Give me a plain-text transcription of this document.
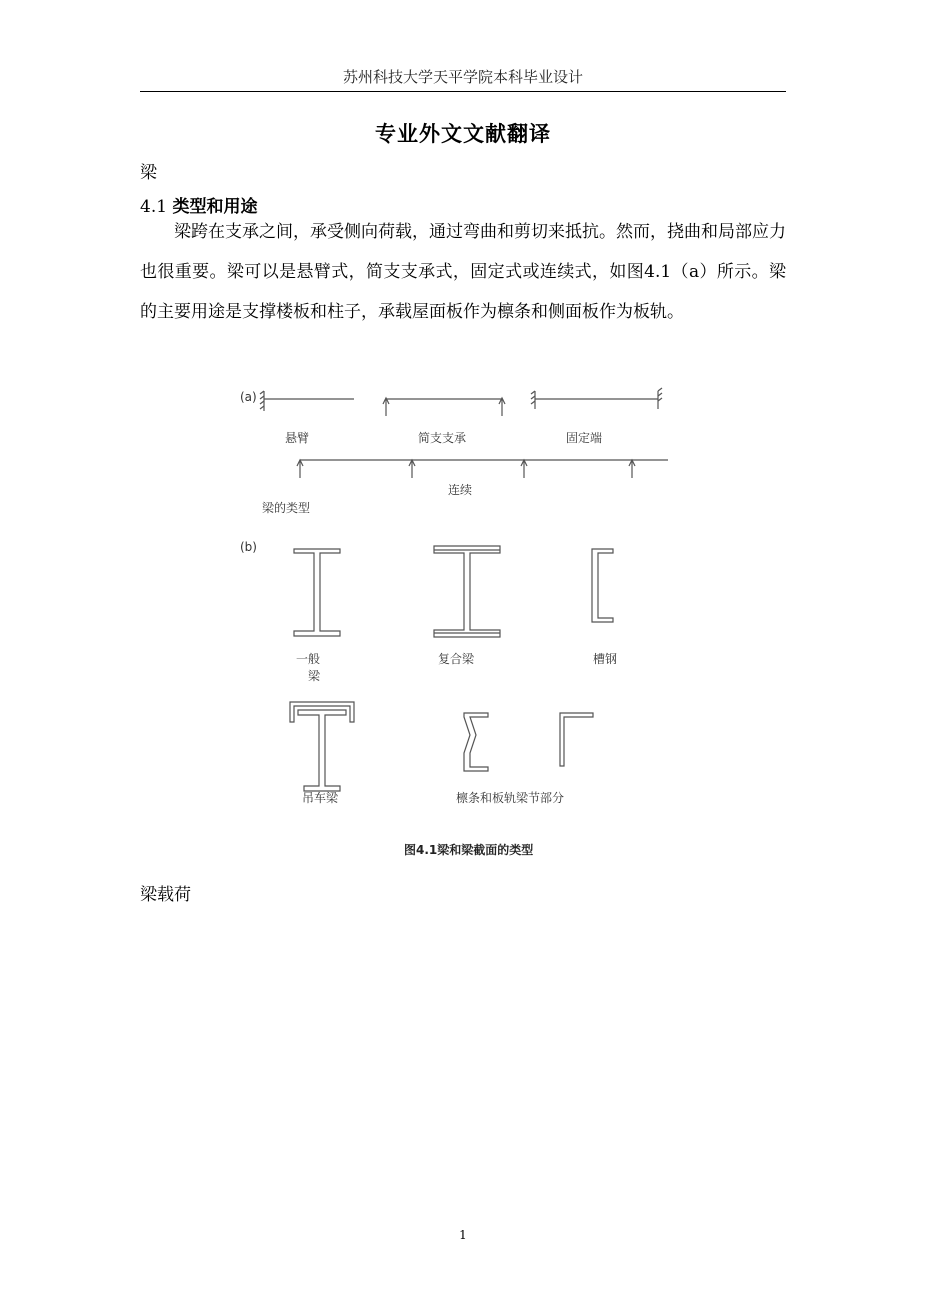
苏州科技大学天平学院本科毕业设计
专业外文文献翻译
梁
4.1 类型和用途

梁跨在支承之间，承受侧向荷载，通过弯曲和剪切来抵抗。然而，挠曲和局部应力也很重要。梁可以是悬臂式，简支支承式，固定式或连续式，如图4.1（a）所示。梁的主要用途是支撑楼板和柱子，承载屋面板作为檩条和侧面板作为板轨。

(a)
悬臂	简支支承	固定端
连续
梁的类型
(b)
一般
梁
复合梁	槽钢
吊车梁	檩条和板轨梁节部分
图4.1梁和梁截面的类型
梁载荷
1
